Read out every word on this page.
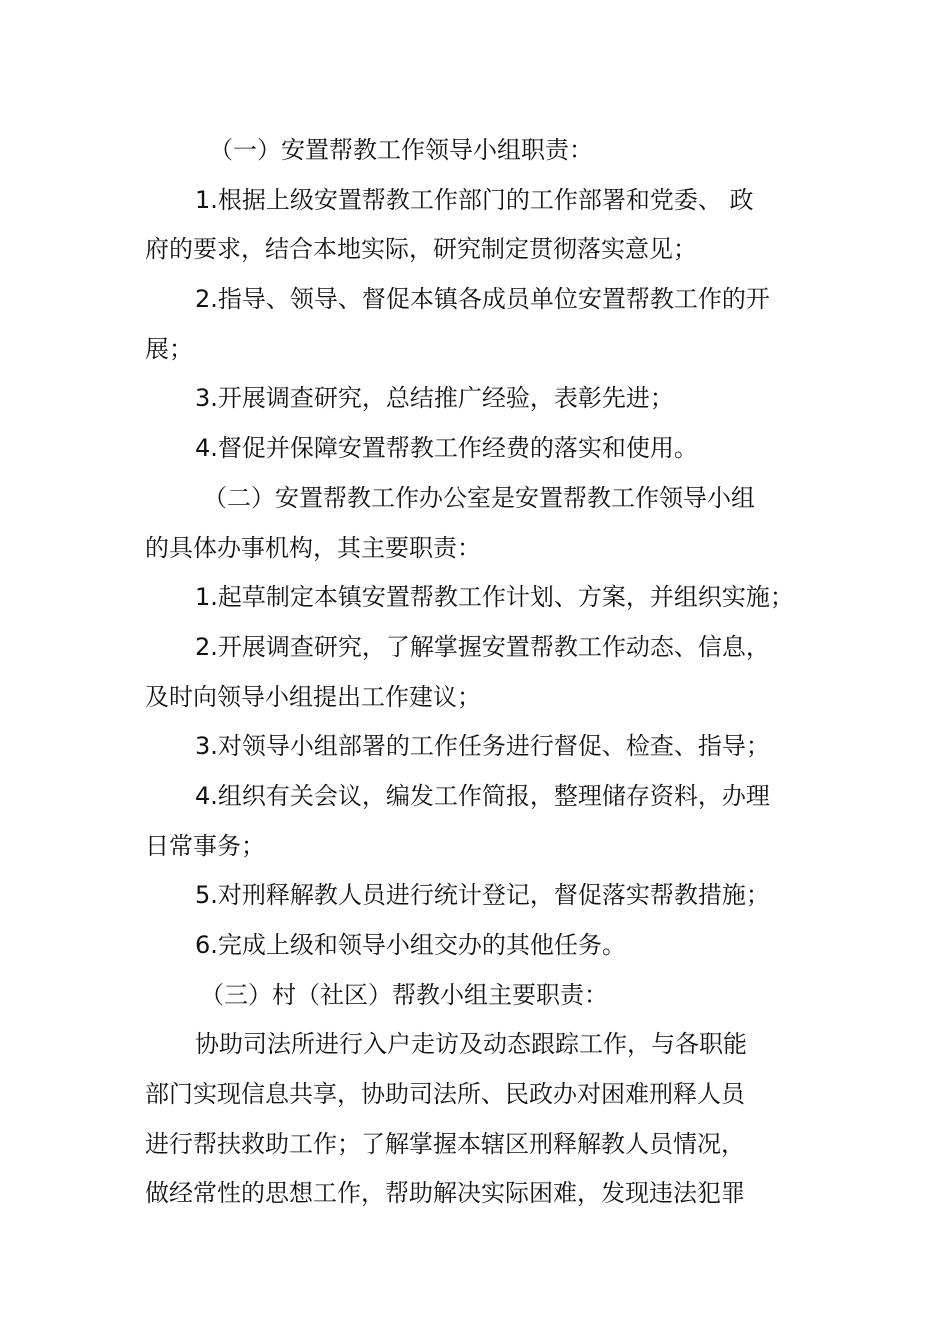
（一）安置帮教工作领导小组职责：
1.根据上级安置帮教工作部门的工作部署和党委、 政
府的要求，结合本地实际，研究制定贯彻落实意见；
2.指导、领导、督促本镇各成员单位安置帮教工作的开
展；
3.开展调查研究，总结推广经验，表彰先进；
4.督促并保障安置帮教工作经费的落实和使用。
（二）安置帮教工作办公室是安置帮教工作领导小组
的具体办事机构，其主要职责：
1.起草制定本镇安置帮教工作计划、方案，并组织实施；
2.开展调查研究，了解掌握安置帮教工作动态、信息，
及时向领导小组提出工作建议；
3.对领导小组部署的工作任务进行督促、检查、指导；
4.组织有关会议，编发工作简报，整理储存资料，办理
日常事务；
5.对刑释解教人员进行统计登记，督促落实帮教措施；
6.完成上级和领导小组交办的其他任务。
（三）村（社区）帮教小组主要职责：
协助司法所进行入户走访及动态跟踪工作，与各职能
部门实现信息共享，协助司法所、民政办对困难刑释人员
进行帮扶救助工作；了解掌握本辖区刑释解教人员情况，
做经常性的思想工作，帮助解决实际困难，发现违法犯罪
